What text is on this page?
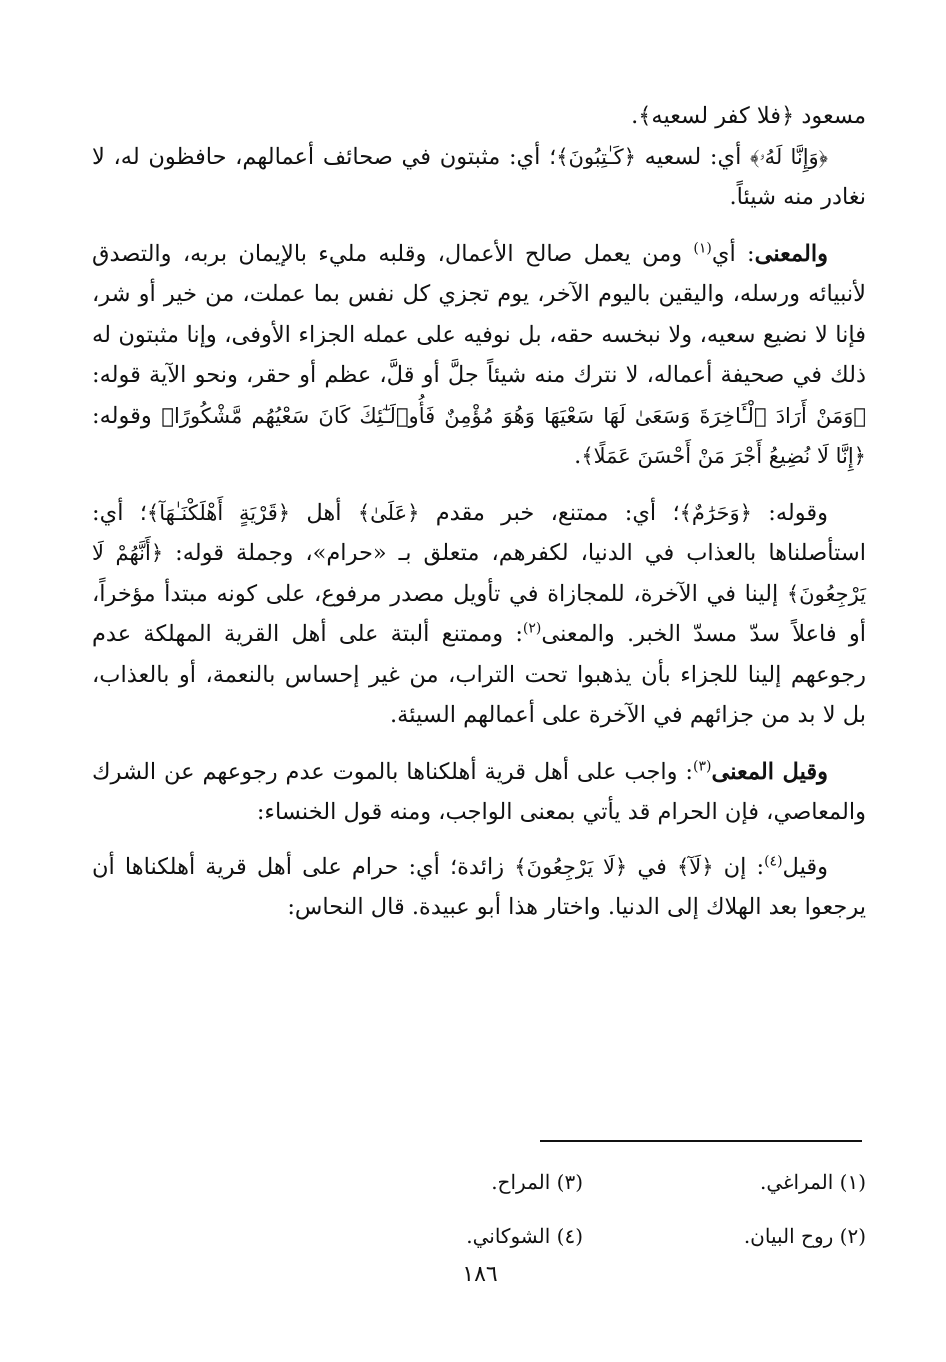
مسعود ﴿فلا كفر لسعيه﴾.

﴿وَإِنَّا لَهُۥ﴾ أي: لسعيه ﴿كَـٰتِبُونَ﴾؛ أي: مثبتون في صحائف أعمالهم، حافظون له، لا نغادر منه شيئاً.

والمعنى: أي$^{(١)}$ ومن يعمل صالح الأعمال، وقلبه مليء بالإيمان بربه، والتصدق لأنبيائه ورسله، واليقين باليوم الآخر، يوم تجزي كل نفس بما عملت، من خير أو شر، فإنا لا نضيع سعيه، ولا نبخسه حقه، بل نوفيه على عمله الجزاء الأوفى، وإنا مثبتون له ذلك في صحيفة أعماله، لا نترك منه شيئاً جلَّ أو قلَّ، عظم أو حقر، ونحو الآية قوله: ﴿وَمَنْ أَرَادَ ٱلْـَٔاخِرَةَ وَسَعَىٰ لَهَا سَعْيَهَا وَهُوَ مُؤْمِنٌ فَأُو۟لَـٰٓئِكَ كَانَ سَعْيُهُم مَّشْكُورًا﴾ وقوله: ﴿إِنَّا لَا نُضِيعُ أَجْرَ مَنْ أَحْسَنَ عَمَلًا﴾.

وقوله: ﴿وَحَرَٰمٌ﴾؛ أي: ممتنع، خبر مقدم ﴿عَلَىٰ﴾ أهل ﴿قَرْيَةٍ أَهْلَكْنَـٰهَآ﴾؛ أي: استأصلناها بالعذاب في الدنيا، لكفرهم، متعلق بـ «حرام»، وجملة قوله: ﴿أَنَّهُمْ لَا يَرْجِعُونَ﴾ إلينا في الآخرة، للمجازاة في تأويل مصدر مرفوع، على كونه مبتدأ مؤخراً، أو فاعلاً سدّ مسدّ الخبر. والمعنى$^{(٢)}$: وممتنع ألبتة على أهل القرية المهلكة عدم رجوعهم إلينا للجزاء بأن يذهبوا تحت التراب، من غير إحساس بالنعمة، أو بالعذاب، بل لا بد من جزائهم في الآخرة على أعمالهم السيئة.

وقيل المعنى$^{(٣)}$: واجب على أهل قرية أهلكناها بالموت عدم رجوعهم عن الشرك والمعاصي، فإن الحرام قد يأتي بمعنى الواجب، ومنه قول الخنساء:

وقيل$^{(٤)}$: إن ﴿لَآ﴾ في ﴿لَا يَرْجِعُونَ﴾ زائدة؛ أي: حرام على أهل قرية أهلكناها أن يرجعوا بعد الهلاك إلى الدنيا. واختار هذا أبو عبيدة. قال النحاس:

(١) المراغي.
(٣) المراح.
(٢) روح البيان.
(٤) الشوكاني.
١٨٦
